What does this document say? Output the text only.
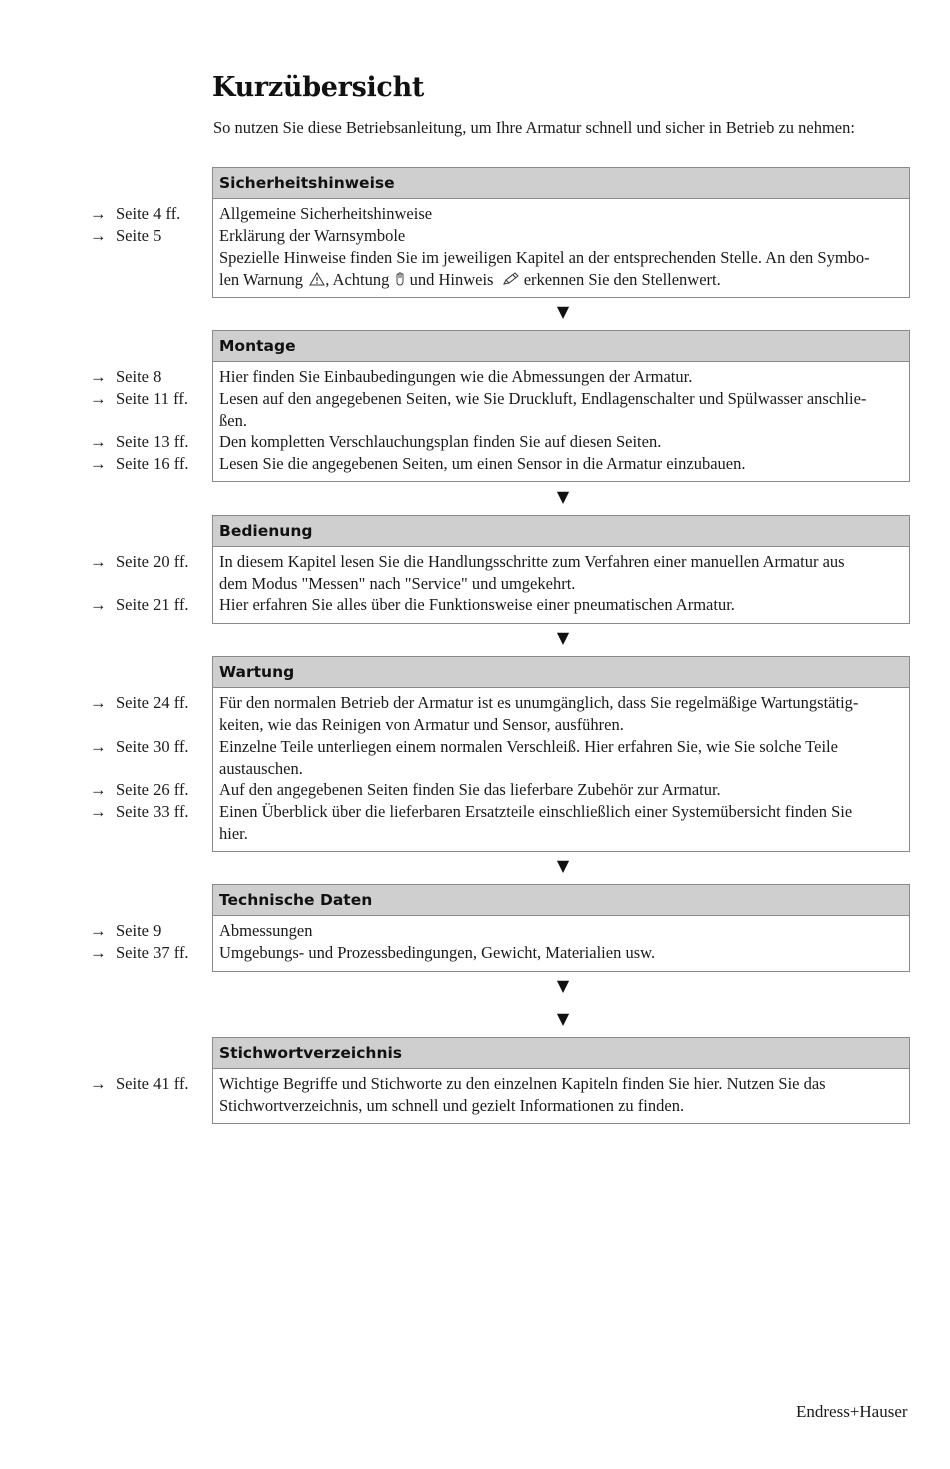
Kurzübersicht
So nutzen Sie diese Betriebsanleitung, um Ihre Armatur schnell und sicher in Betrieb zu nehmen:
Sicherheitshinweise
→ Seite 4 ff. Allgemeine Sicherheitshinweise
→ Seite 5	Erklärung der Warnsymbole
Spezielle Hinweise finden Sie im jeweiligen Kapitel an der entsprechenden Stelle. An den Symbo-
len Warnung , Achtung  und Hinweis  erkennen Sie den Stellenwert.
▼
Montage
→ Seite 8	Hier finden Sie Einbaubedingungen wie die Abmessungen der Armatur.
→ Seite 11 ff. Lesen auf den angegebenen Seiten, wie Sie Druckluft, Endlagenschalter und Spülwasser anschlie-
ßen.
→ Seite 13 ff. Den kompletten Verschlauchungsplan finden Sie auf diesen Seiten.
→ Seite 16 ff. Lesen Sie die angegebenen Seiten, um einen Sensor in die Armatur einzubauen.
▼
Bedienung
→ Seite 20 ff. In diesem Kapitel lesen Sie die Handlungsschritte zum Verfahren einer manuellen Armatur aus
dem Modus "Messen" nach "Service" und umgekehrt.
→ Seite 21 ff. Hier erfahren Sie alles über die Funktionsweise einer pneumatischen Armatur.
▼
Wartung
→ Seite 24 ff. Für den normalen Betrieb der Armatur ist es unumgänglich, dass Sie regelmäßige Wartungstätig-
keiten, wie das Reinigen von Armatur und Sensor, ausführen.
→ Seite 30 ff. Einzelne Teile unterliegen einem normalen Verschleiß. Hier erfahren Sie, wie Sie solche Teile
austauschen.
→ Seite 26 ff. Auf den angegebenen Seiten finden Sie das lieferbare Zubehör zur Armatur.
→ Seite 33 ff. Einen Überblick über die lieferbaren Ersatzteile einschließlich einer Systemübersicht finden Sie
hier.
▼
Technische Daten
→ Seite 9	Abmessungen
→ Seite 37 ff. Umgebungs- und Prozessbedingungen, Gewicht, Materialien usw.
▼
▼
Stichwortverzeichnis
→ Seite 41 ff. Wichtige Begriffe und Stichworte zu den einzelnen Kapiteln finden Sie hier. Nutzen Sie das
Stichwortverzeichnis, um schnell und gezielt Informationen zu finden.
Endress+Hauser
